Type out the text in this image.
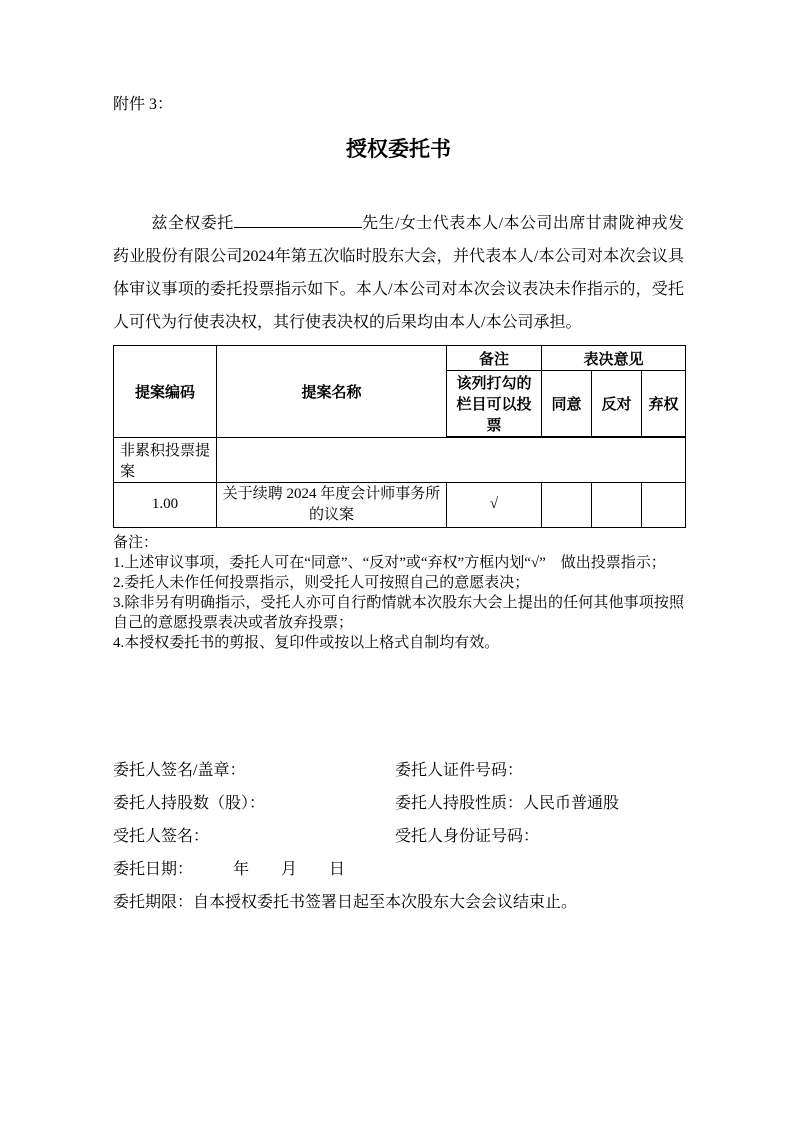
附件 3：

授权委托书

兹全权委托	先生/女士代表本人/本公司出席甘肃陇神戎发药业股份有限公司2024年第五次临时股东大会，并代表本人/本公司对本次会议具体审议事项的委托投票指示如下。本人/本公司对本次会议表决未作指示的，受托人可代为行使表决权，其行使表决权的后果均由本人/本公司承担。

提案编码	提案名称	备注	表决意见		
		该列打勾的栏目可以投票	同意	反对	弃权
非累积投票提案					
1.00	关于续聘 2024 年度会计师事务所的议案	√			

备注：

1.上述审议事项，委托人可在“同意”、“反对”或“弃权”方框内划“√”　做出投票指示；

2.委托人未作任何投票指示，则受托人可按照自己的意愿表决；

3.除非另有明确指示，受托人亦可自行酌情就本次股东大会上提出的任何其他事项按照自己的意愿投票表决或者放弃投票；

4.本授权委托书的剪报、复印件或按以上格式自制均有效。

委托人签名/盖章：	委托人证件号码：
委托人持股数（股）：	委托人持股性质：人民币普通股
受托人签名：	受托人身份证号码：
委托日期：　　　年　　月　　日
委托期限：自本授权委托书签署日起至本次股东大会会议结束止。
